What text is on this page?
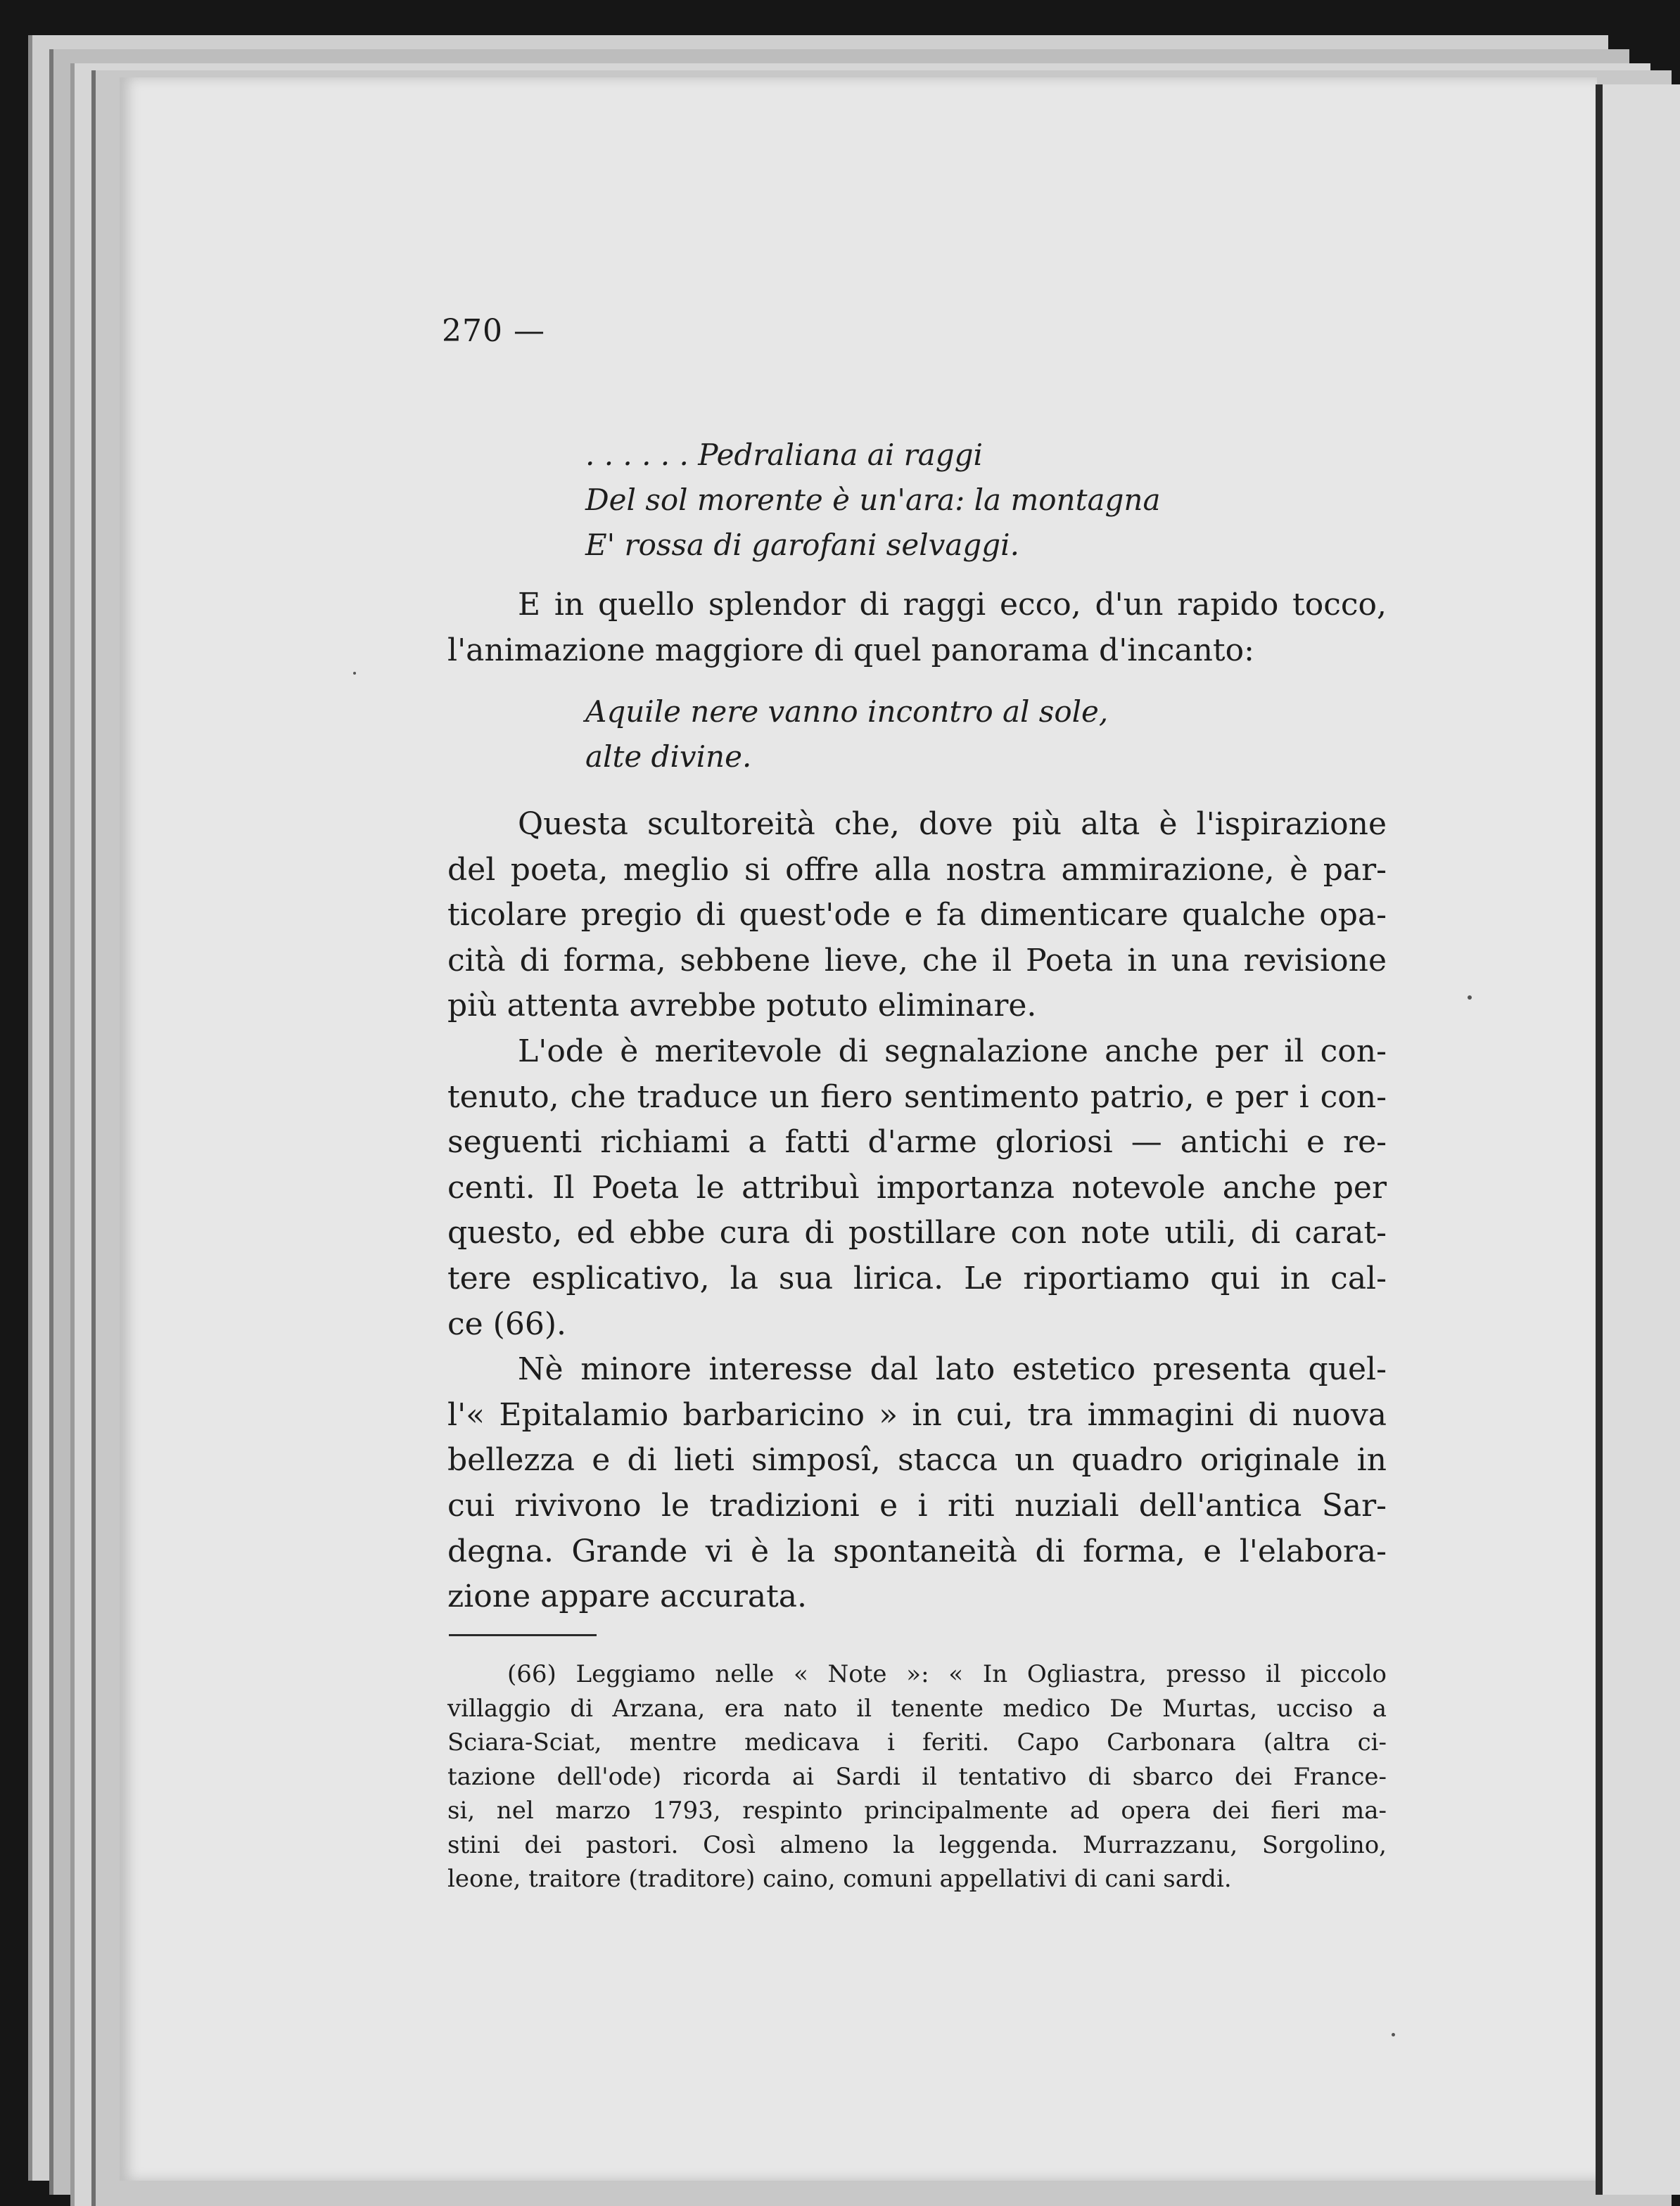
270 —
. . . . . . Pedraliana ai raggi
Del sol morente è un'ara: la montagna
E' rossa di garofani selvaggi.
E in quello splendor di raggi ecco, d'un rapido tocco,
l'animazione maggiore di quel panorama d'incanto:
Aquile nere vanno incontro al sole,
alte divine.
Questa scultoreità che, dove più alta è l'ispirazione
del poeta, meglio si offre alla nostra ammirazione, è par-
ticolare pregio di quest'ode e fa dimenticare qualche opa-
cità di forma, sebbene lieve, che il Poeta in una revisione
più attenta avrebbe potuto eliminare.
L'ode è meritevole di segnalazione anche per il con-
tenuto, che traduce un fiero sentimento patrio, e per i con-
seguenti richiami a fatti d'arme gloriosi — antichi e re-
centi. Il Poeta le attribuì importanza notevole anche per
questo, ed ebbe cura di postillare con note utili, di carat-
tere esplicativo, la sua lirica. Le riportiamo qui in cal-
ce (66).
Nè minore interesse dal lato estetico presenta quel-
l'« Epitalamio barbaricino » in cui, tra immagini di nuova
bellezza e di lieti simposî, stacca un quadro originale in
cui rivivono le tradizioni e i riti nuziali dell'antica Sar-
degna. Grande vi è la spontaneità di forma, e l'elabora-
zione appare accurata.
(66) Leggiamo nelle « Note »: « In Ogliastra, presso il piccolo
villaggio di Arzana, era nato il tenente medico De Murtas, ucciso a
Sciara-Sciat, mentre medicava i feriti. Capo Carbonara (altra ci-
tazione dell'ode) ricorda ai Sardi il tentativo di sbarco dei France-
si, nel marzo 1793, respinto principalmente ad opera dei fieri ma-
stini dei pastori. Così almeno la leggenda. Murrazzanu, Sorgolino,
leone, traitore (traditore) caino, comuni appellativi di cani sardi.
